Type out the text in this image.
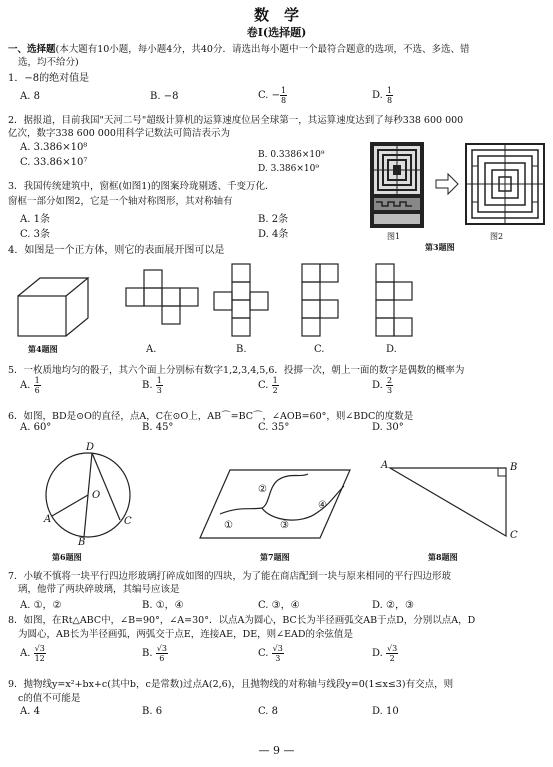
数　学
卷Ⅰ(选择题)
一、选择题(本大题有10小题，每小题4分，共40分．请选出每小题中一个最符合题意的选项，不选、多选、错
选，均不给分)
1．−8的绝对值是
A. 8	B. −8	C. − $\frac{1}{8}$	D. $\frac{1}{8}$
2．据报道，目前我国"天河二号"超级计算机的运算速度位居全球第一，其运算速度达到了每秒338 600 000
亿次，数字338 600 000用科学记数法可简洁表示为
A. 3.386×10⁸
B. 0.3386×10⁹
C. 33.86×10⁷
D. 3.386×10⁹
3．我国传统建筑中，窗框(如图1)的图案玲珑剔透、千变万化．
窗框一部分如图2，它是一个轴对称图形，其对称轴有
A. 1条	B. 2条
C. 3条	D. 4条	图1	图2
第3题图
4．如图是一个正方体，则它的表面展开图可以是
第4题图	A.	B.	C.	D.
5．一枚质地均匀的骰子，其六个面上分别标有数字1,2,3,4,5,6．投掷一次，朝上一面的数字是偶数的概率为
A. $\frac{1}{6}$	B. $\frac{1}{3}$	C. $\frac{1}{2}$	D. $\frac{2}{3}$
6．如图，BD是⊙O的直径，点A，C在⊙O上，AB⌒=BC⌒，∠AOB=60°，则∠BDC的度数是
A. 60°	B. 45°	C. 35°	D. 30°
D
O
A
B
C	①
②
③
④
A	B
C
第6题图	第7题图	第8题图
7．小敏不慎将一块平行四边形玻璃打碎成如图的四块，为了能在商店配到一块与原来相同的平行四边形玻
璃，他带了两块碎玻璃，其编号应该是
A. ①，②	B. ①，④	C. ③，④	D. ②，③
8．如图，在Rt△ABC中，∠B=90°，∠A=30°．以点A为圆心，BC长为半径画弧交AB于点D，分别以点A，D
为圆心，AB长为半径画弧，两弧交于点E，连接AE，DE，则∠EAD的余弦值是
A. $\frac{√3}{12}$	B. $\frac{√3}{6}$	C. $\frac{√3}{3}$	D. $\frac{√3}{2}$
9．抛物线y=x²+bx+c(其中b，c是常数)过点A(2,6)，且抛物线的对称轴与线段y=0(1≤x≤3)有交点，则
c的值不可能是
A. 4	B. 6	C. 8	D. 10
— 9 —
